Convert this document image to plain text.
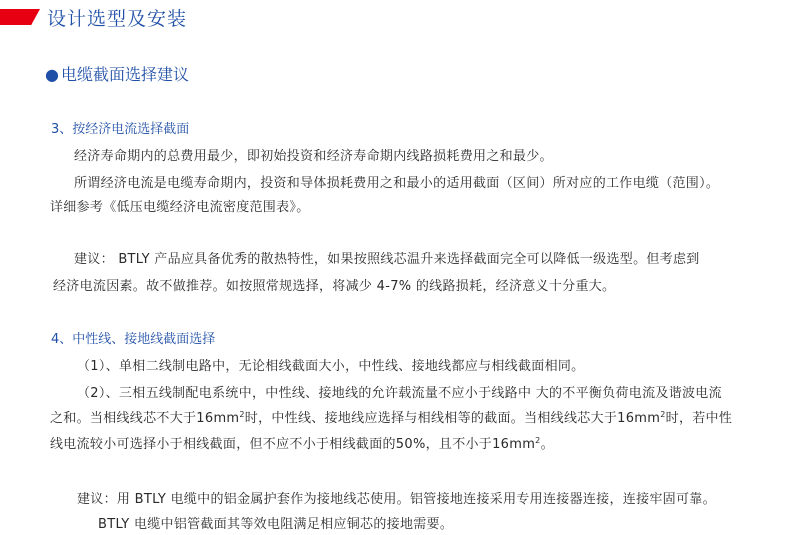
设计选型及安装
● 电缆截面选择建议
3、按经济电流选择截面
经济寿命期内的总费用最少，即初始投资和经济寿命期内线路损耗费用之和最少。
所谓经济电流是电缆寿命期内，投资和导体损耗费用之和最小的适用截面（区间）所对应的工作电缆（范围）。
详细参考《低压电缆经济电流密度范围表》。
建议： BTLY 产品应具备优秀的散热特性，如果按照线芯温升来选择截面完全可以降低一级选型。但考虑到
经济电流因素。故不做推荐。如按照常规选择，将减少 4-7% 的线路损耗，经济意义十分重大。
4、中性线、接地线截面选择
（1）、单相二线制电路中，无论相线截面大小，中性线、接地线都应与相线截面相同。
（2）、三相五线制配电系统中，中性线、接地线的允许载流量不应小于线路中 大的不平衡负荷电流及谐波电流
之和。当相线线芯不大于$16mm^2$时，中性线、接地线应选择与相线相等的截面。当相线线芯大于$16mm^2$时，若中性
线电流较小可选择小于相线截面，但不应不小于相线截面的50%，且不小于$16mm^2$。
建议：用 BTLY 电缆中的铝金属护套作为接地线芯使用。铝管接地连接采用专用连接器连接，连接牢固可靠。
BTLY 电缆中铝管截面其等效电阻满足相应铜芯的接地需要。
